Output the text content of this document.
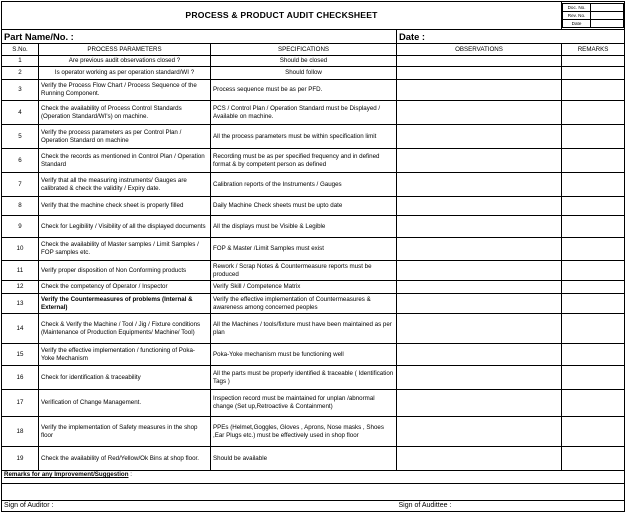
PROCESS & PRODUCT AUDIT CHECKSHEET	
Doc. No.	
Rev. No.	
Date	

Part Name/No. :	Date :
S.No.	PROCESS PARAMETERS	SPECIFICATIONS	OBSERVATIONS	REMARKS
1	Are previous audit observations closed ?	Should be closed		
2	Is operator working as per operation standard/WI ?	Should follow		
3	Verify the Process Flow Chart / Process Sequence of the Running Component.	Process sequence must be as per PFD.		
4	Check the availability of Process Control Standards (Operation Standard/WI's) on machine.	PCS / Control Plan / Operation Standard must be Displayed / Available on machine.		
5	Verify the process parameters as per Control Plan / Operation Standard on machine	All the process parameters must be within specification limit		
6	Check the records as mentioned in Control Plan / Operation Standard	Recording must be as per specified frequency and in defined format & by competent person as defined		
7	Verify that all the measuring instruments/ Gauges are calibrated & check the validity / Expiry date.	Calibration reports of the Instruments / Gauges		
8	Verify that the machine check sheet is properly filled	Daily Machine Check sheets must be upto date		
9	Check for Legibility / Visibility of all the displayed documents	All the displays must be Visible & Legible		
10	Check the availability of Master samples / Limit Samples / FOP samples etc.	FOP & Master /Limit Samples must exist		
11	Verify proper disposition of Non Conforming products	Rework / Scrap Notes & Countermeasure reports must be produced		
12	Check the competency of Operator / Inspector	Verify Skill / Competence Matrix		
13	Verify the Countermeasures of problems (Internal & External)	Verify the effective implementation of Countermeasures & awareness among concerned peoples		
14	Check & Verify the Machine / Tool / Jig / Fixture conditions (Maintenance of Production Equipments/ Machine/ Tool)	All the Machines / tools/fixture must have been maintained as per plan		
15	Verify the effective implementation / functioning of Poka-Yoke Mechanism	Poka-Yoke mechanism must be functioning well		
16	Check for identification & traceability	All the parts must be properly identified & traceable ( Identification Tags )		
17	Verification of Change Management.	Inspection record must be maintained for unplan /abnormal change (Set up,Retroactive & Containment)		
18	Verify the implementation of Safety measures in the shop floor	PPEs (Helmet,Goggles, Gloves , Aprons, Nose masks , Shoes ,Ear Plugs etc.) must be effectively used in shop floor		
19	Check the availability of Red/Yellow/Ok Bins at shop floor.	Should be available		
Remarks for any Improvement/Suggestion :

Sign of Auditor :	Sign of Audittee :
